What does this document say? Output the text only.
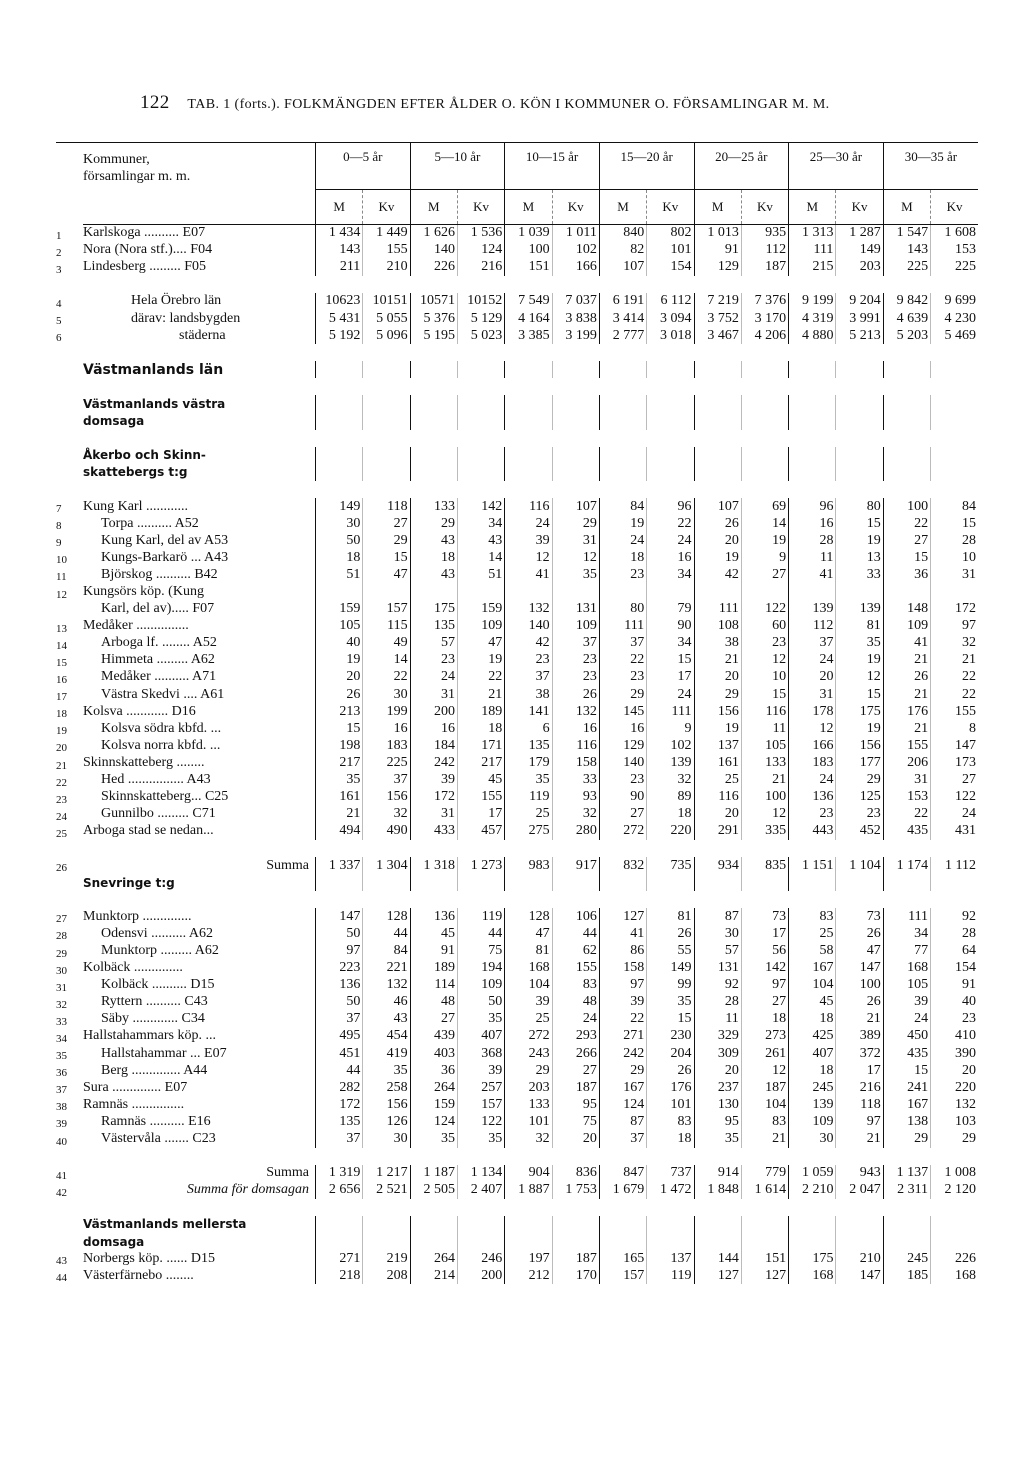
122 TAB. 1 (forts.). FOLKMÄNGDEN EFTER ÅLDER O. KÖN I KOMMUNER O. FÖRSAMLINGAR M. M.
	Kommuner,
församlingar m. m.	0—5 år		5—10 år		10—15 år		15—20 år		20—25 år		25—30 år		30—35 år	
		M	Kv	M	Kv	M	Kv	M	Kv	M	Kv	M	Kv	M	Kv
1	Karlskoga .......... E07	1 434	1 449	1 626	1 536	1 039	1 011	840	802	1 013	935	1 313	1 287	1 547	1 608
2	Nora (Nora stf.).... F04	143	155	140	124	100	102	82	101	91	112	111	149	143	153
3	Lindesberg ......... F05	211	210	226	216	151	166	107	154	129	187	215	203	225	225

4	Hela Örebro län	10623	10151	10571	10152	7 549	7 037	6 191	6 112	7 219	7 376	9 199	9 204	9 842	9 699
5	därav: landsbygden	5 431	5 055	5 376	5 129	4 164	3 838	3 414	3 094	3 752	3 170	4 319	3 991	4 639	4 230
6	städerna	5 192	5 096	5 195	5 023	3 385	3 199	2 777	3 018	3 467	4 206	4 880	5 213	5 203	5 469

	Västmanlands län														

	Västmanlands västra														
	domsaga														

	Åkerbo och Skinn-														
	skattebergs t:g														

7	Kung Karl ............	149	118	133	142	116	107	84	96	107	69	96	80	100	84
8	Torpa .......... A52	30	27	29	34	24	29	19	22	26	14	16	15	22	15
9	Kung Karl, del av A53	50	29	43	43	39	31	24	24	20	19	28	19	27	28
10	Kungs-Barkarö ... A43	18	15	18	14	12	12	18	16	19	9	11	13	15	10
11	Björskog .......... B42	51	47	43	51	41	35	23	34	42	27	41	33	36	31
12	Kungsörs köp. (Kung														
	Karl, del av)..... F07	159	157	175	159	132	131	80	79	111	122	139	139	148	172
13	Medåker ...............	105	115	135	109	140	109	111	90	108	60	112	81	109	97
14	Arboga lf. ........ A52	40	49	57	47	42	37	37	34	38	23	37	35	41	32
15	Himmeta ......... A62	19	14	23	19	23	23	22	15	21	12	24	19	21	21
16	Medåker .......... A71	20	22	24	22	37	23	23	17	20	10	20	12	26	22
17	Västra Skedvi .... A61	26	30	31	21	38	26	29	24	29	15	31	15	21	22
18	Kolsva ............ D16	213	199	200	189	141	132	145	111	156	116	178	175	176	155
19	Kolsva södra kbfd. ...	15	16	16	18	6	16	16	9	19	11	12	19	21	8
20	Kolsva norra kbfd. ...	198	183	184	171	135	116	129	102	137	105	166	156	155	147
21	Skinnskatteberg ........	217	225	242	217	179	158	140	139	161	133	183	177	206	173
22	Hed ................ A43	35	37	39	45	35	33	23	32	25	21	24	29	31	27
23	Skinnskatteberg... C25	161	156	172	155	119	93	90	89	116	100	136	125	153	122
24	Gunnilbo ......... C71	21	32	31	17	25	32	27	18	20	12	23	23	22	24
25	Arboga stad se nedan...	494	490	433	457	275	280	272	220	291	335	443	452	435	431

26	Summa	1 337	1 304	1 318	1 273	983	917	832	735	934	835	1 151	1 104	1 174	1 112
	Snevringe t:g														

27	Munktorp ..............	147	128	136	119	128	106	127	81	87	73	83	73	111	92
28	Odensvi .......... A62	50	44	45	44	47	44	41	26	30	17	25	26	34	28
29	Munktorp ......... A62	97	84	91	75	81	62	86	55	57	56	58	47	77	64
30	Kolbäck ..............	223	221	189	194	168	155	158	149	131	142	167	147	168	154
31	Kolbäck .......... D15	136	132	114	109	104	83	97	99	92	97	104	100	105	91
32	Ryttern .......... C43	50	46	48	50	39	48	39	35	28	27	45	26	39	40
33	Säby ............. C34	37	43	27	35	25	24	22	15	11	18	18	21	24	23
34	Hallstahammars köp. ...	495	454	439	407	272	293	271	230	329	273	425	389	450	410
35	Hallstahammar ... E07	451	419	403	368	243	266	242	204	309	261	407	372	435	390
36	Berg .............. A44	44	35	36	39	29	27	29	26	20	12	18	17	15	20
37	Sura .............. E07	282	258	264	257	203	187	167	176	237	187	245	216	241	220
38	Ramnäs ...............	172	156	159	157	133	95	124	101	130	104	139	118	167	132
39	Ramnäs .......... E16	135	126	124	122	101	75	87	83	95	83	109	97	138	103
40	Västervåla ....... C23	37	30	35	35	32	20	37	18	35	21	30	21	29	29

41	Summa	1 319	1 217	1 187	1 134	904	836	847	737	914	779	1 059	943	1 137	1 008
42	Summa för domsagan	2 656	2 521	2 505	2 407	1 887	1 753	1 679	1 472	1 848	1 614	2 210	2 047	2 311	2 120

	Västmanlands mellersta														
	domsaga														
43	Norbergs köp. ...... D15	271	219	264	246	197	187	165	137	144	151	175	210	245	226
44	Västerfärnebo ........	218	208	214	200	212	170	157	119	127	127	168	147	185	168
